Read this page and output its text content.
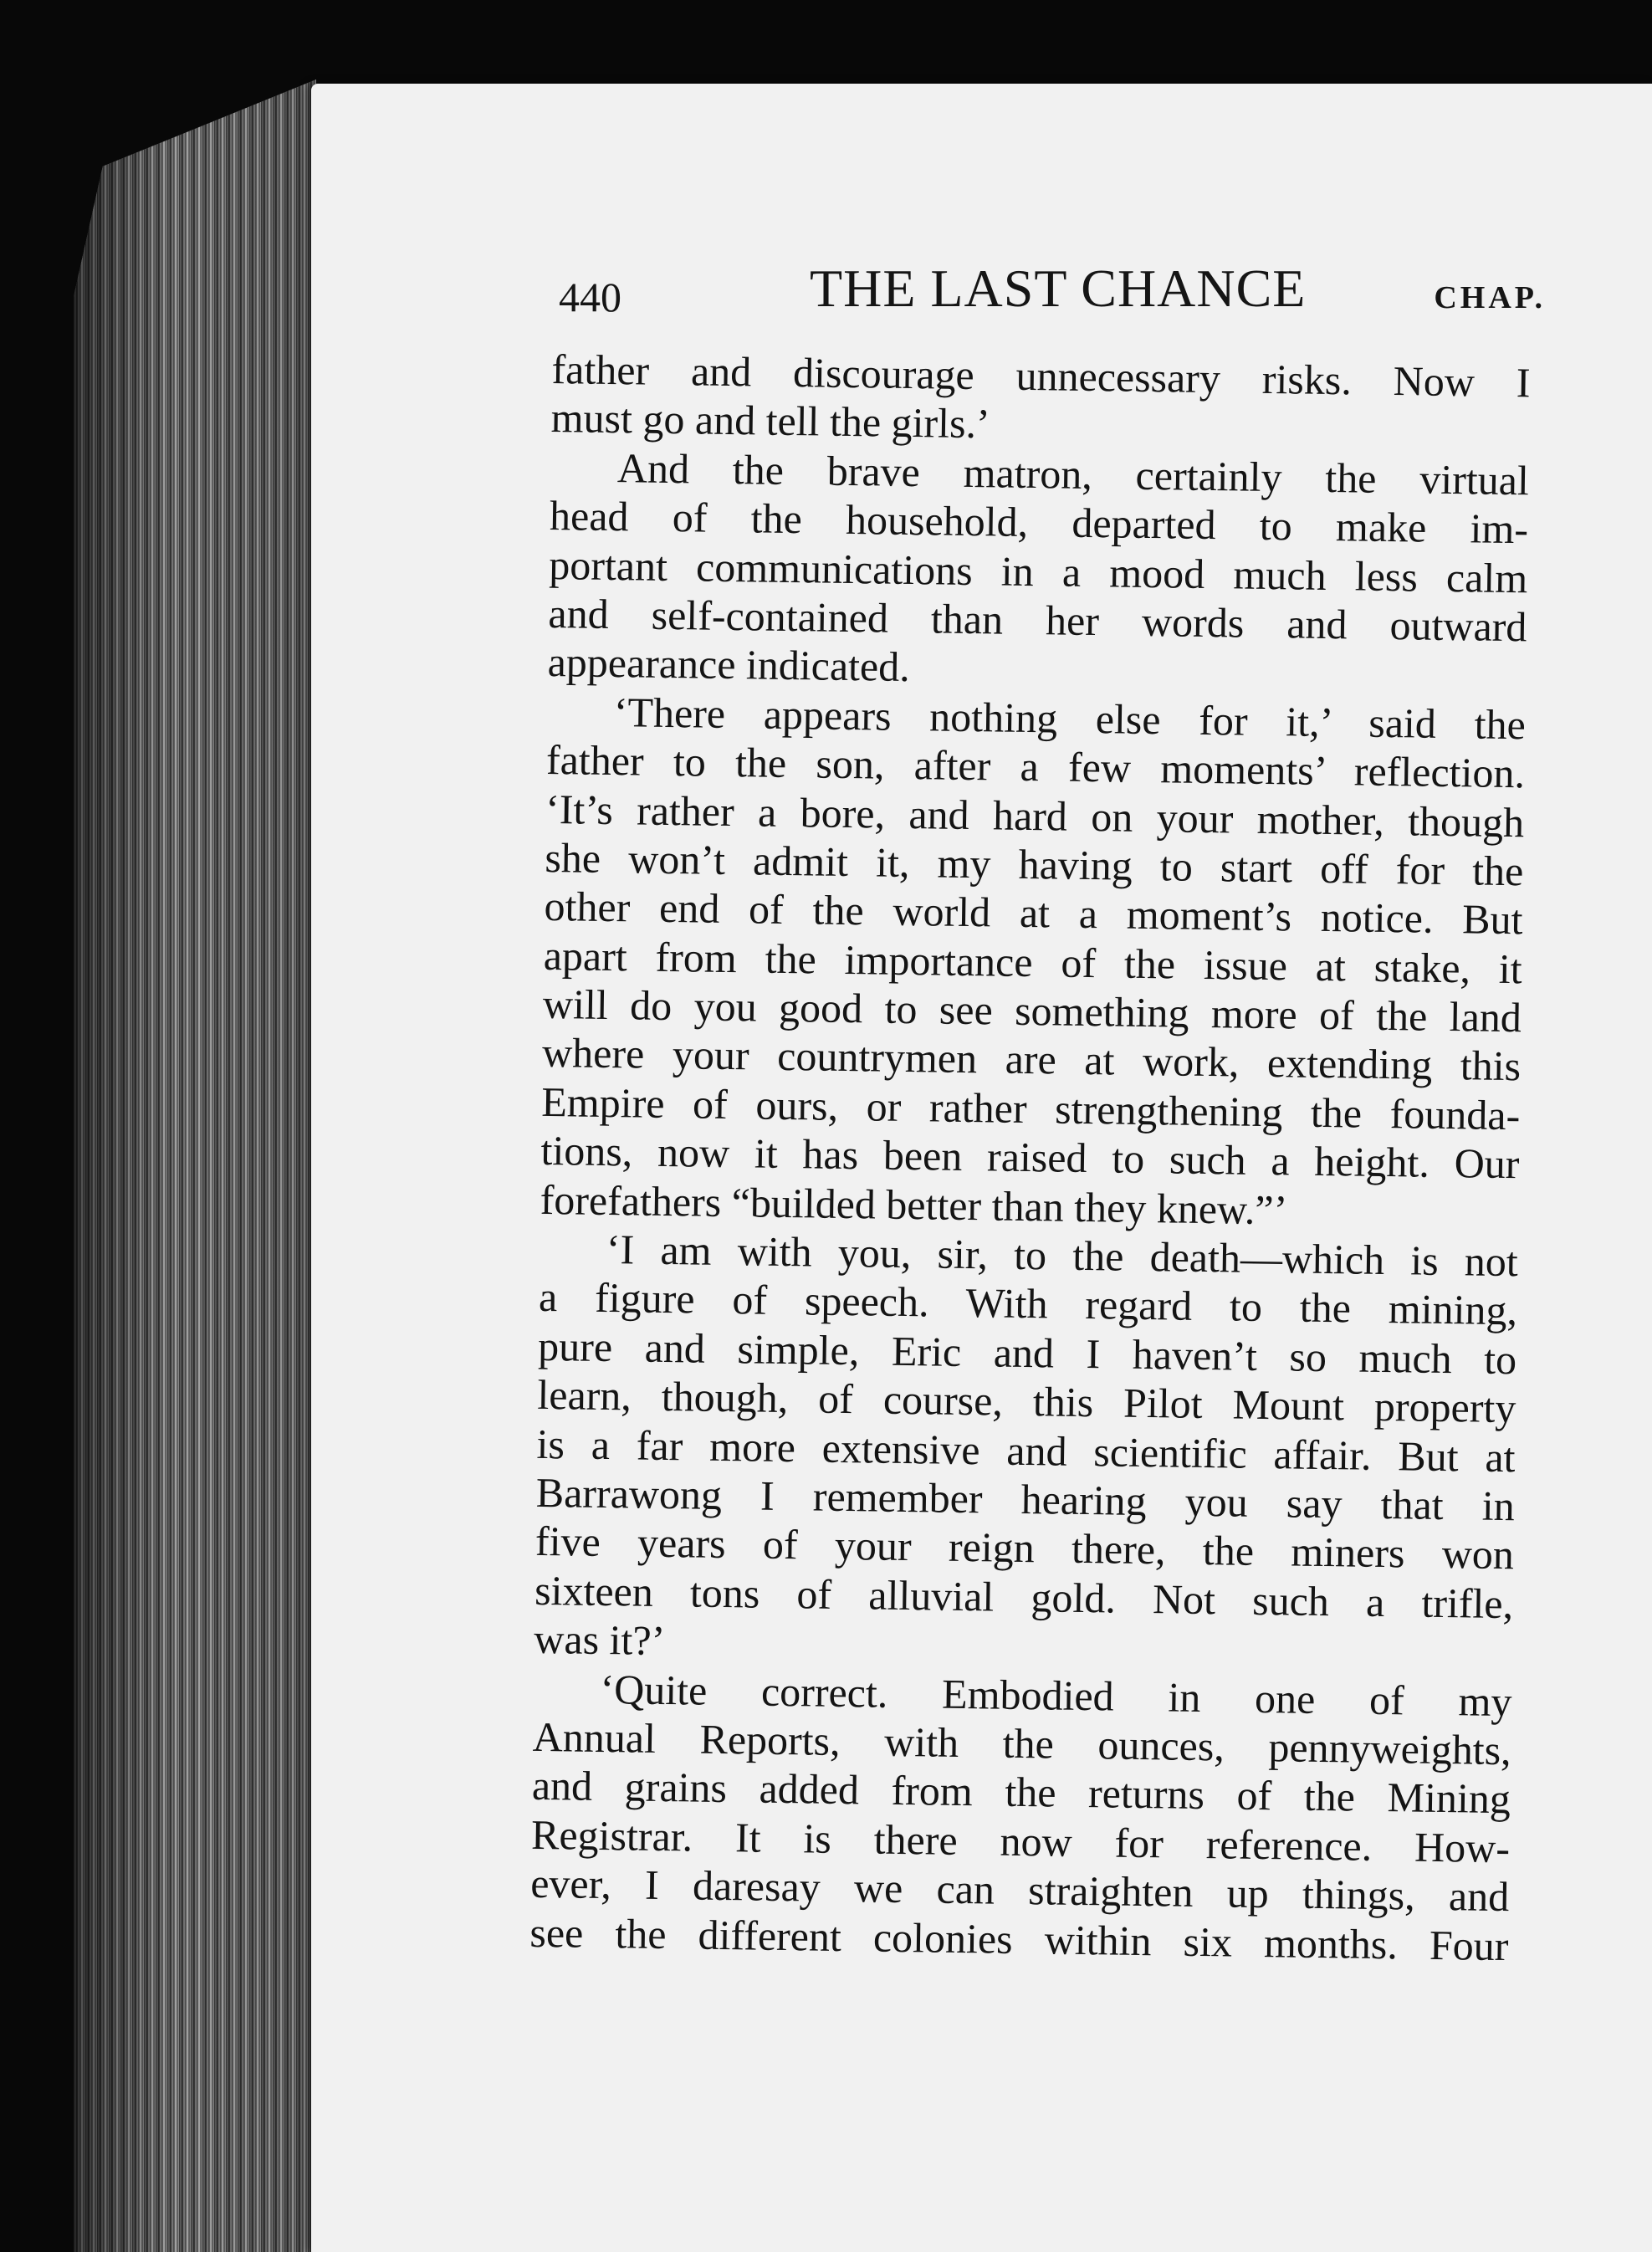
440	THE LAST CHANCE	CHAP.
father and discourage unnecessary risks. Now I
must go and tell the girls.’
And the brave matron, certainly the virtual
head of the household, departed to make im-
portant communications in a mood much less calm
and self-contained than her words and outward
appearance indicated.
‘There appears nothing else for it,’ said the
father to the son, after a few moments’ reflection.
‘It’s rather a bore, and hard on your mother, though
she won’t admit it, my having to start off for the
other end of the world at a moment’s notice. But
apart from the importance of the issue at stake, it
will do you good to see something more of the land
where your countrymen are at work, extending this
Empire of ours, or rather strengthening the founda-
tions, now it has been raised to such a height. Our
forefathers “builded better than they knew.”’
‘I am with you, sir, to the death—which is not
a figure of speech. With regard to the mining,
pure and simple, Eric and I haven’t so much to
learn, though, of course, this Pilot Mount property
is a far more extensive and scientific affair. But at
Barrawong I remember hearing you say that in
five years of your reign there, the miners won
sixteen tons of alluvial gold. Not such a trifle,
was it?’
‘Quite correct. Embodied in one of my
Annual Reports, with the ounces, pennyweights,
and grains added from the returns of the Mining
Registrar. It is there now for reference. How-
ever, I daresay we can straighten up things, and
see the different colonies within six months. Four
